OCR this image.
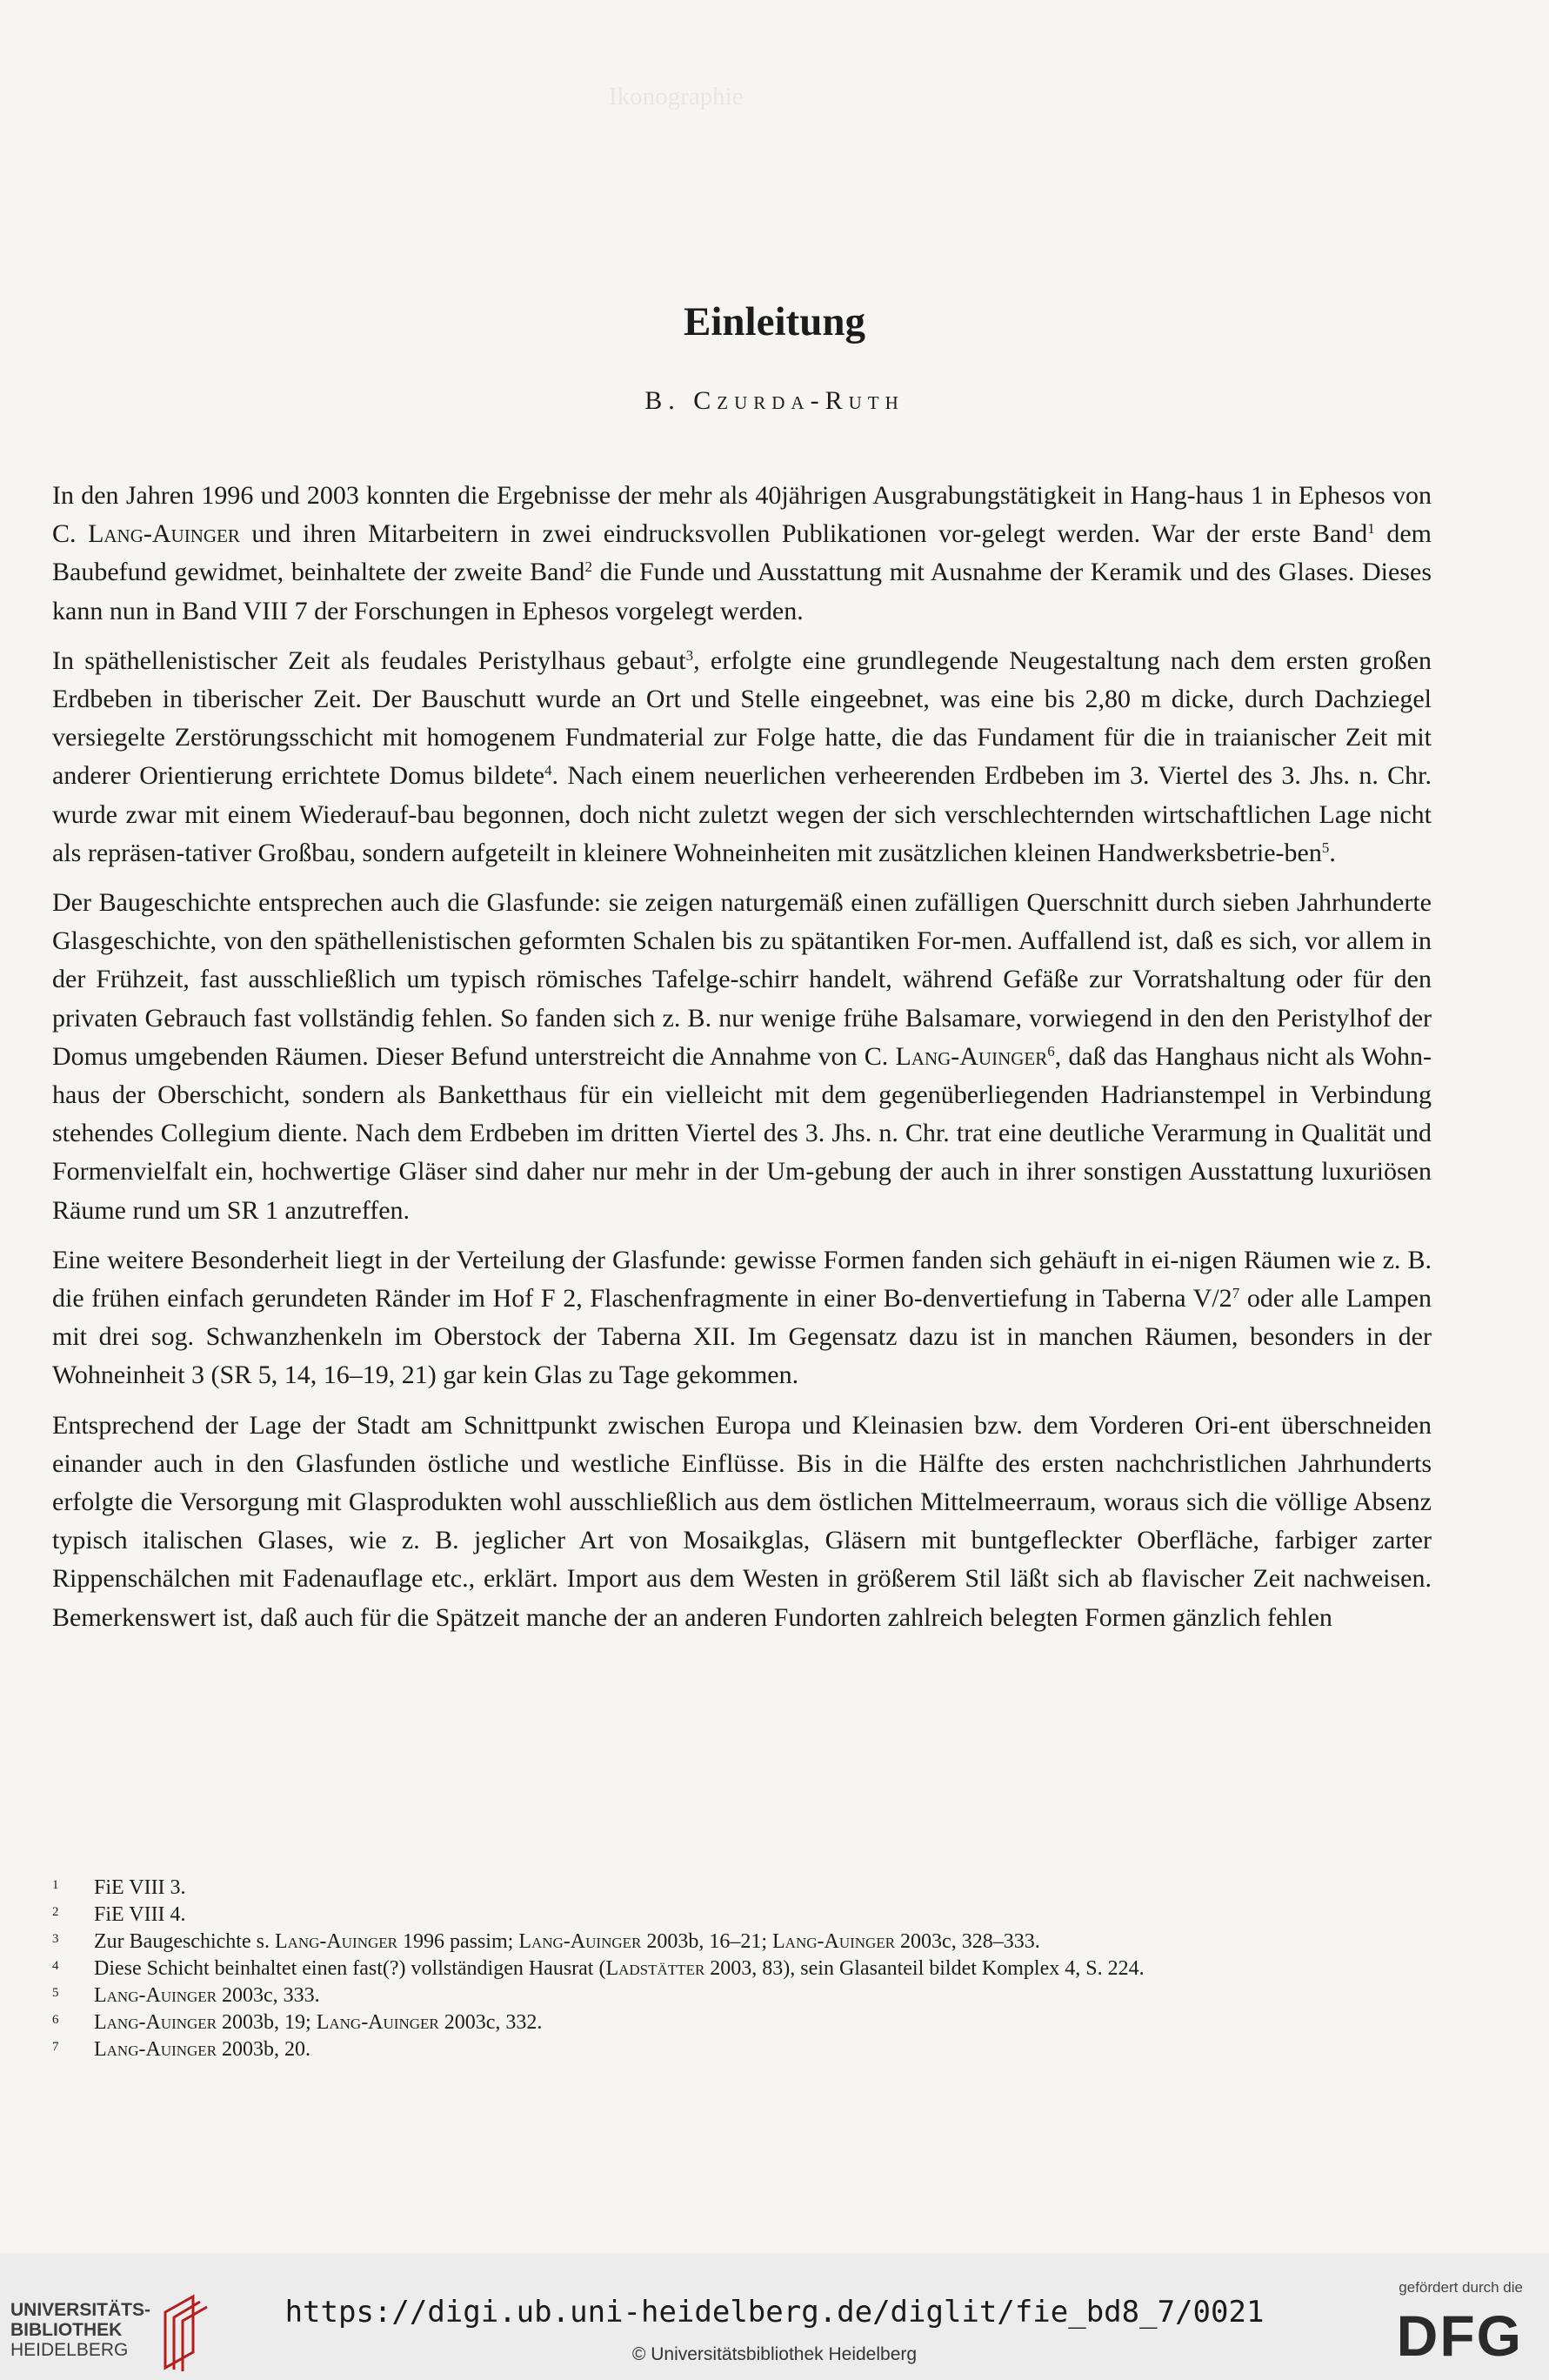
Ikonographie

Einleitung
B. Czurda-Ruth

In den Jahren 1996 und 2003 konnten die Ergebnisse der mehr als 40jährigen Ausgrabungstätigkeit in Hang-haus 1 in Ephesos von C. Lang-Auinger und ihren Mitarbeitern in zwei eindrucksvollen Publikationen vor-gelegt werden. War der erste Band$^1$ dem Baubefund gewidmet, beinhaltete der zweite Band$^2$ die Funde und Ausstattung mit Ausnahme der Keramik und des Glases. Dieses kann nun in Band VIII 7 der Forschungen in Ephesos vorgelegt werden.

In späthellenistischer Zeit als feudales Peristylhaus gebaut$^3$, erfolgte eine grundlegende Neugestaltung nach dem ersten großen Erdbeben in tiberischer Zeit. Der Bauschutt wurde an Ort und Stelle eingeebnet, was eine bis 2,80 m dicke, durch Dachziegel versiegelte Zerstörungsschicht mit homogenem Fundmaterial zur Folge hatte, die das Fundament für die in traianischer Zeit mit anderer Orientierung errichtete Domus bildete$^4$. Nach einem neuerlichen verheerenden Erdbeben im 3. Viertel des 3. Jhs. n. Chr. wurde zwar mit einem Wiederauf-bau begonnen, doch nicht zuletzt wegen der sich verschlechternden wirtschaftlichen Lage nicht als repräsen-tativer Großbau, sondern aufgeteilt in kleinere Wohneinheiten mit zusätzlichen kleinen Handwerksbetrie-ben$^5$.

Der Baugeschichte entsprechen auch die Glasfunde: sie zeigen naturgemäß einen zufälligen Querschnitt durch sieben Jahrhunderte Glasgeschichte, von den späthellenistischen geformten Schalen bis zu spätantiken For-men. Auffallend ist, daß es sich, vor allem in der Frühzeit, fast ausschließlich um typisch römisches Tafelge-schirr handelt, während Gefäße zur Vorratshaltung oder für den privaten Gebrauch fast vollständig fehlen. So fanden sich z. B. nur wenige frühe Balsamare, vorwiegend in den den Peristylhof der Domus umgebenden Räumen. Dieser Befund unterstreicht die Annahme von C. Lang-Auinger$^6$, daß das Hanghaus nicht als Wohn-haus der Oberschicht, sondern als Banketthaus für ein vielleicht mit dem gegenüberliegenden Hadrianstempel in Verbindung stehendes Collegium diente. Nach dem Erdbeben im dritten Viertel des 3. Jhs. n. Chr. trat eine deutliche Verarmung in Qualität und Formenvielfalt ein, hochwertige Gläser sind daher nur mehr in der Um-gebung der auch in ihrer sonstigen Ausstattung luxuriösen Räume rund um SR 1 anzutreffen.

Eine weitere Besonderheit liegt in der Verteilung der Glasfunde: gewisse Formen fanden sich gehäuft in ei-nigen Räumen wie z. B. die frühen einfach gerundeten Ränder im Hof F 2, Flaschenfragmente in einer Bo-denvertiefung in Taberna $V/2^7$ oder alle Lampen mit drei sog. Schwanzhenkeln im Oberstock der Taberna XII. Im Gegensatz dazu ist in manchen Räumen, besonders in der Wohneinheit 3 (SR 5, 14, 16–19, 21) gar kein Glas zu Tage gekommen.

Entsprechend der Lage der Stadt am Schnittpunkt zwischen Europa und Kleinasien bzw. dem Vorderen Ori-ent überschneiden einander auch in den Glasfunden östliche und westliche Einflüsse. Bis in die Hälfte des ersten nachchristlichen Jahrhunderts erfolgte die Versorgung mit Glasprodukten wohl ausschließlich aus dem östlichen Mittelmeerraum, woraus sich die völlige Absenz typisch italischen Glases, wie z. B. jeglicher Art von Mosaikglas, Gläsern mit buntgefleckter Oberfläche, farbiger zarter Rippenschälchen mit Fadenauflage etc., erklärt. Import aus dem Westen in größerem Stil läßt sich ab flavischer Zeit nachweisen. Bemerkenswert ist, daß auch für die Spätzeit manche der an anderen Fundorten zahlreich belegten Formen gänzlich fehlen

1 FiE VIII 3.
2 FiE VIII 4.
3 Zur Baugeschichte s. Lang-Auinger 1996 passim; Lang-Auinger 2003b, 16–21; Lang-Auinger 2003c, 328–333.
4 Diese Schicht beinhaltet einen fast(?) vollständigen Hausrat (Ladstätter 2003, 83), sein Glasanteil bildet Komplex 4, S. 224.
5 Lang-Auinger 2003c, 333.
6 Lang-Auinger 2003b, 19; Lang-Auinger 2003c, 332.
7 Lang-Auinger 2003b, 20.
UNIVERSITÄTS-
BIBLIOTHEK
HEIDELBERG
https://digi.ub.uni-heidelberg.de/diglit/fie_bd8_7/0021
© Universitätsbibliothek Heidelberg
gefördert durch die
DFG
